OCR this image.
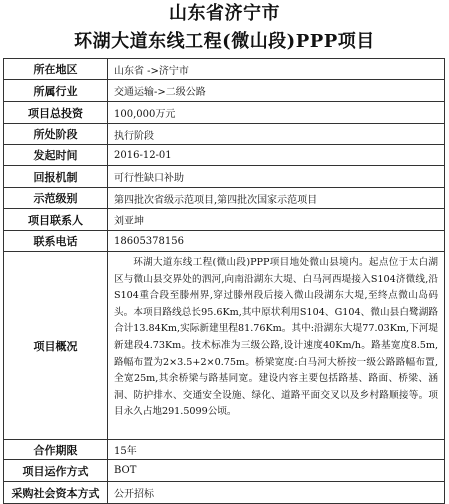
山东省济宁市
环湖大道东线工程(微山段)PPP项目
所在地区	山东省 ->济宁市
所属行业	交通运输->二级公路
项目总投资	100,000万元
所处阶段	执行阶段
发起时间	2016-12-01
回报机制	可行性缺口补助
示范级别	第四批次省级示范项目,第四批次国家示范项目
项目联系人	刘亚坤
联系电话	18605378156
项目概况	环湖大道东线工程(微山段)PPP项目地处微山县境内。起点位于太白湖区与微山县交界处的泗河,向南沿湖东大堤、白马河西堤接入S104济微线,沿S104重合段至滕州界,穿过滕州段后接入微山段湖东大堤,至终点微山岛码头。本项目路线总长95.6Km,其中原状利用S104、G104、微山县白鹭湖路合计13.84Km,实际新建里程81.76Km。其中:沿湖东大堤77.03Km,下河堤新建段4.73Km。技术标准为三级公路,设计速度40Km/h。路基宽度8.5m,路幅布置为2×3.5+2×0.75m。桥梁宽度:白马河大桥按一级公路路幅布置,全宽25m,其余桥梁与路基同宽。建设内容主要包括路基、路面、桥梁、涵洞、防护排水、交通安全设施、绿化、道路平面交叉以及乡村路顺接等。项目永久占地291.5099公顷。
合作期限	15年
项目运作方式	BOT
采购社会资本方式	公开招标
